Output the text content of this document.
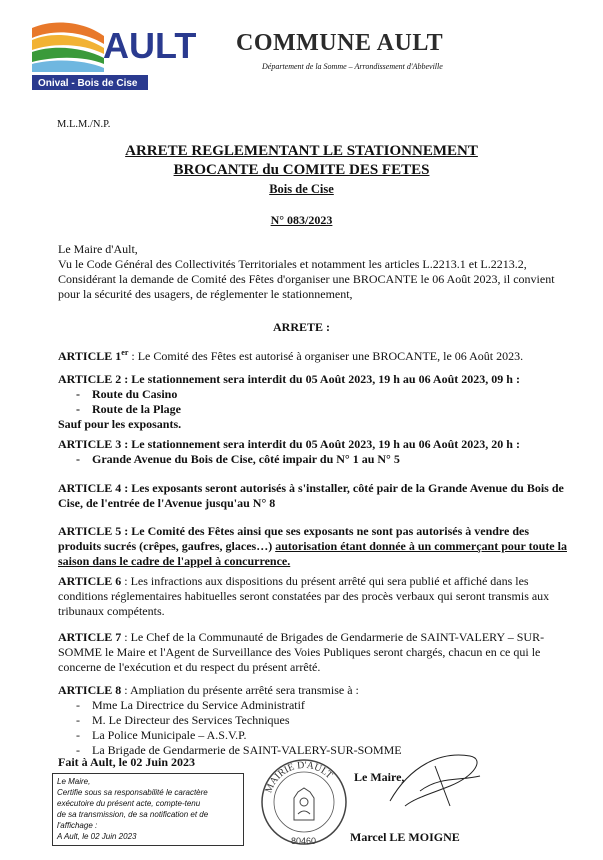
AULT
Onival - Bois de Cise
COMMUNE AULT
Département de la Somme – Arrondissement d'Abbeville
M.L.M./N.P.
ARRETE REGLEMENTANT LE STATIONNEMENT
BROCANTE du COMITE DES FETES
Bois de Cise
N° 083/2023
Le Maire d'Ault,
Vu le Code Général des Collectivités Territoriales et notamment les articles L.2213.1 et L.2213.2,
Considérant la demande de Comité des Fêtes d'organiser une BROCANTE le 06 Août 2023, il convient pour la sécurité des usagers, de réglementer le stationnement,
ARRETE :
ARTICLE 1er : Le Comité des Fêtes est autorisé à organiser une BROCANTE, le 06 Août 2023.
ARTICLE 2 : Le stationnement sera interdit du 05 Août 2023, 19 h au 06 Août 2023, 09 h :
- Route du Casino
- Route de la Plage
Sauf pour les exposants.
ARTICLE 3 : Le stationnement sera interdit du 05 Août 2023, 19 h au 06 Août 2023, 20 h :
- Grande Avenue du Bois de Cise, côté impair du N° 1 au N° 5
ARTICLE 4 : Les exposants seront autorisés à s'installer, côté pair de la Grande Avenue du Bois de Cise, de l'entrée de l'Avenue jusqu'au N° 8
ARTICLE 5 : Le Comité des Fêtes ainsi que ses exposants ne sont pas autorisés à vendre des produits sucrés (crêpes, gaufres, glaces…) autorisation étant donnée à un commerçant pour toute la saison dans le cadre de l'appel à concurrence.
ARTICLE 6 : Les infractions aux dispositions du présent arrêté qui sera publié et affiché dans les conditions réglementaires habituelles seront constatées par des procès verbaux qui seront transmis aux tribunaux compétents.
ARTICLE 7 : Le Chef de la Communauté de Brigades de Gendarmerie de SAINT-VALERY – SUR-SOMME le Maire et l'Agent de Surveillance des Voies Publiques seront chargés, chacun en ce qui le concerne de l'exécution et du respect du présent arrêté.
ARTICLE 8 : Ampliation du présente arrêté sera transmise à :
- Mme La Directrice du Service Administratif
- M. Le Directeur des Services Techniques
- La Police Municipale – A.S.V.P.
- La Brigade de Gendarmerie de SAINT-VALERY-SUR-SOMME
Fait à Ault, le 02 Juin 2023
Le Maire,
Certifie sous sa responsabilité le caractère
exécutoire du présent acte, compte-tenu
de sa transmission, de sa notification et de
l'affichage :
A Ault, le 02 Juin 2023
MAIRIE D'AULT
80460
Le Maire,
Marcel LE MOIGNE
